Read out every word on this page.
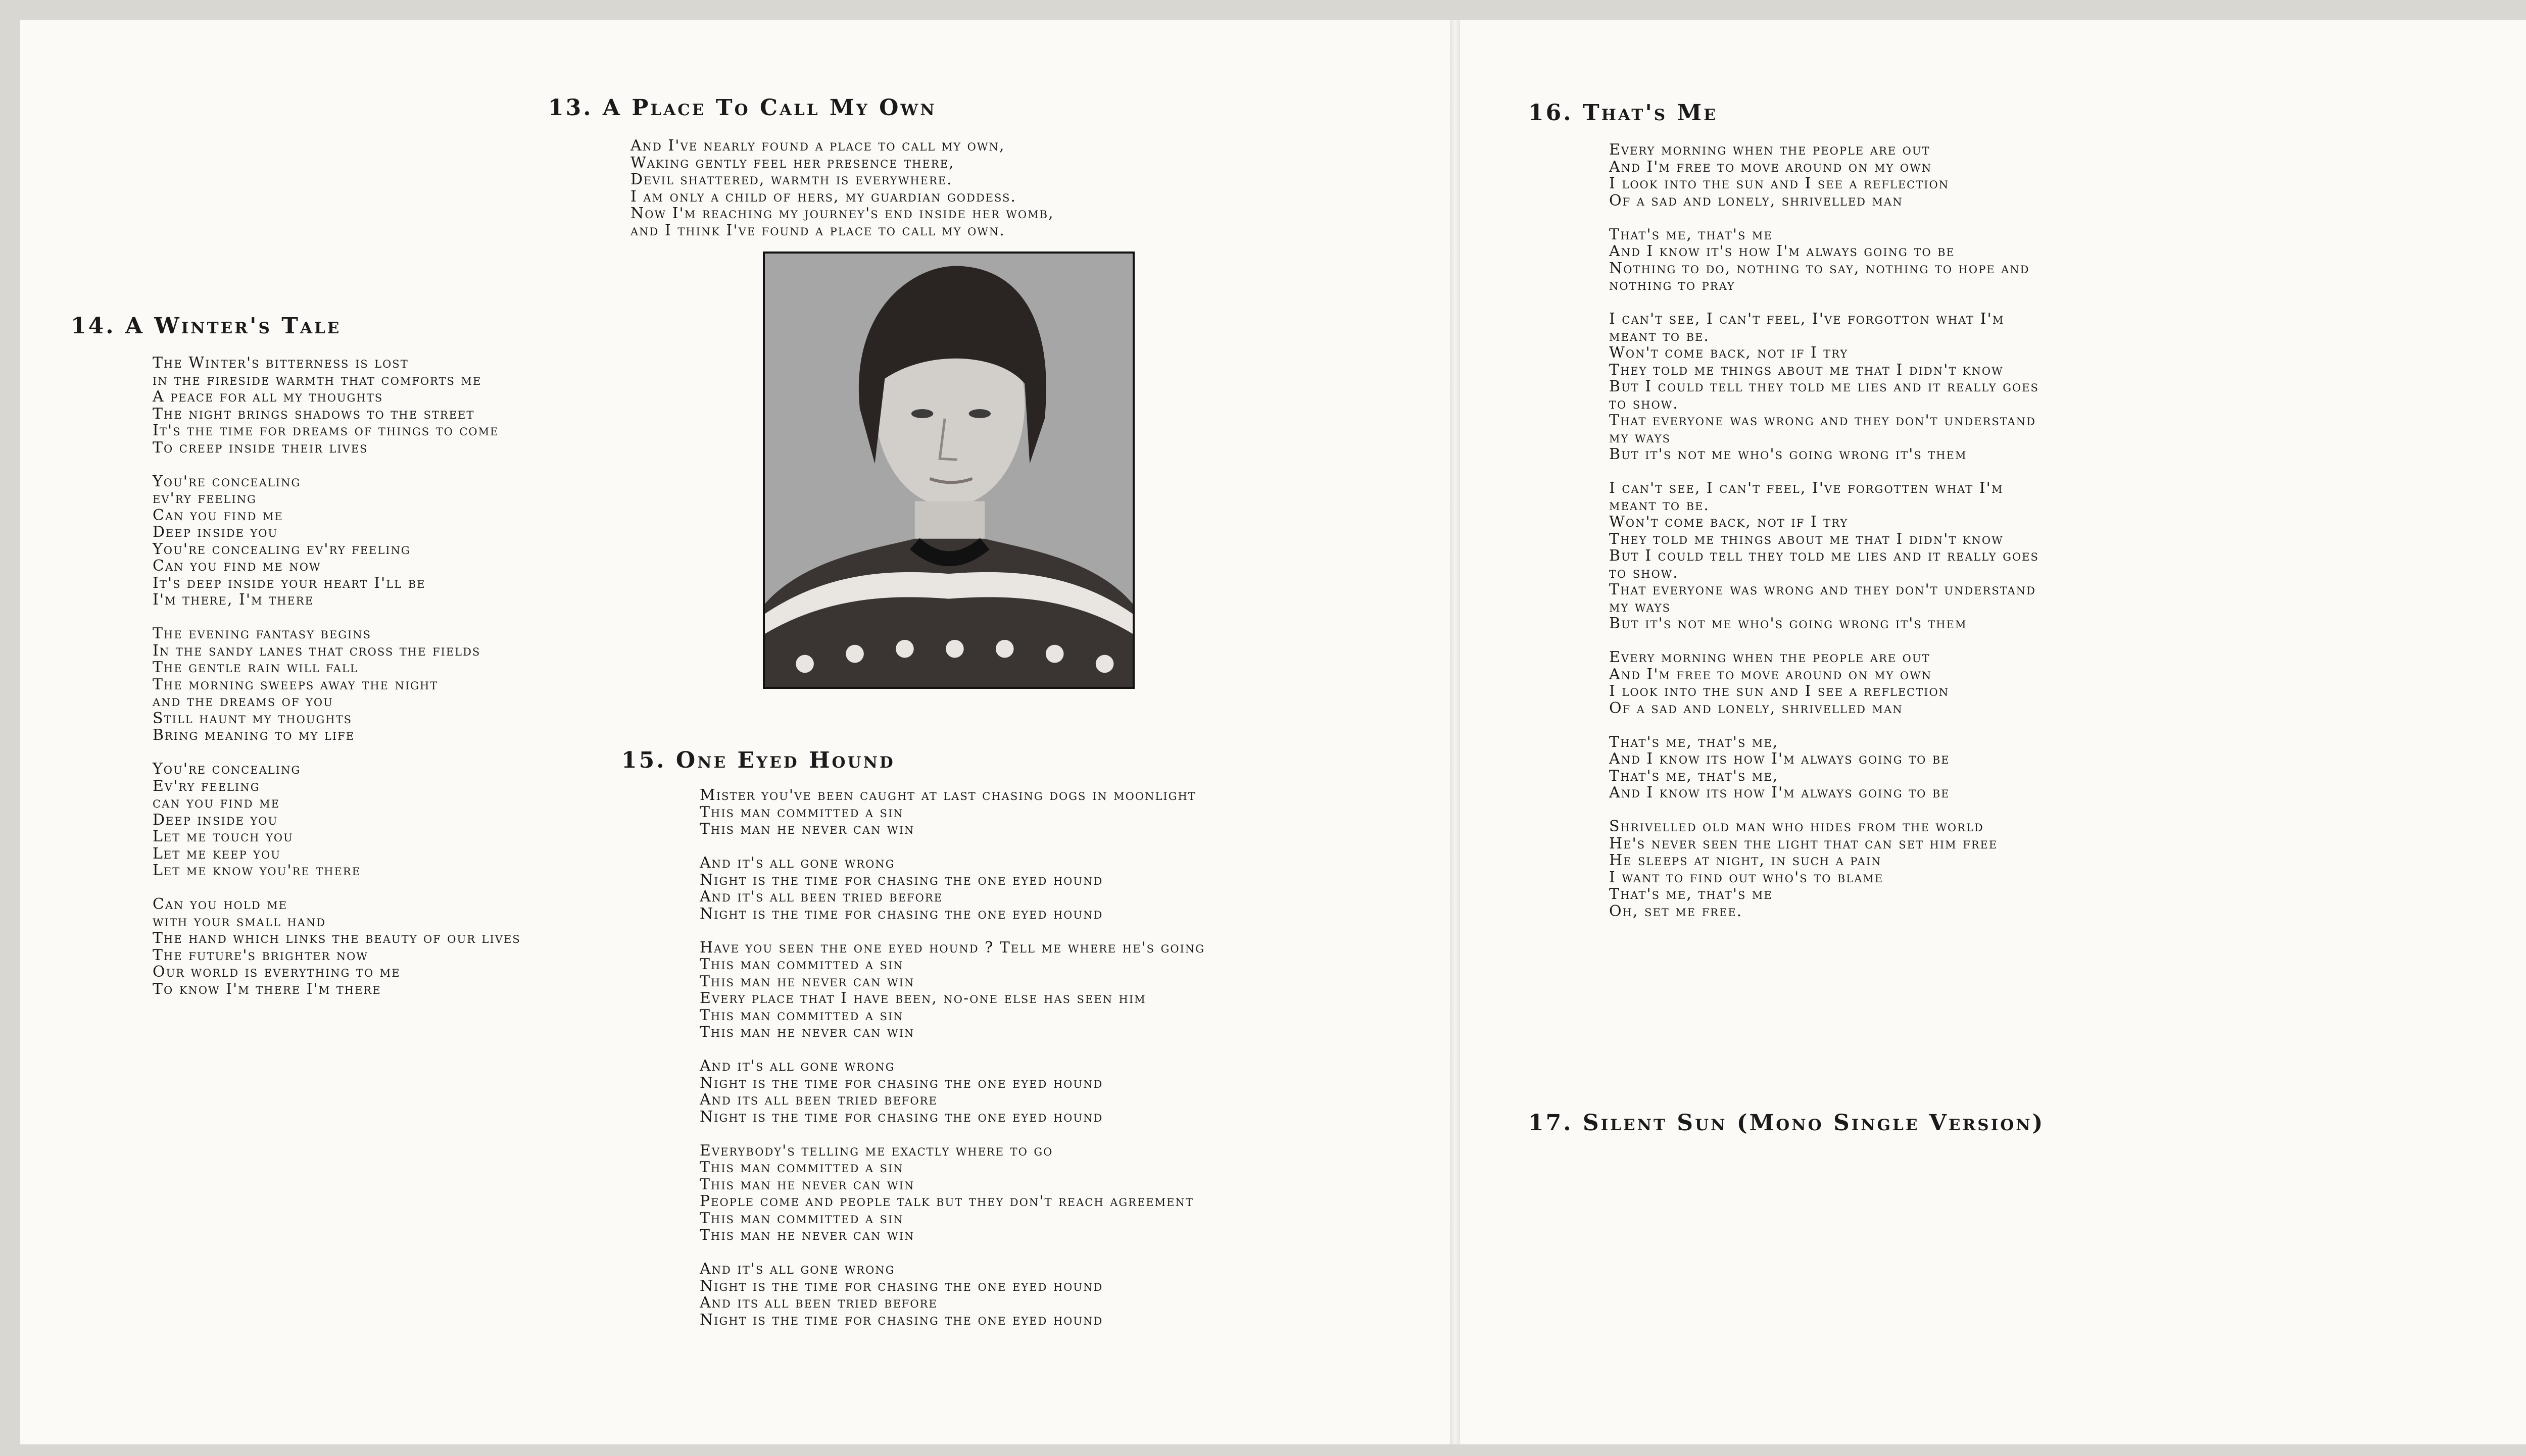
13. A Place To Call My Own

And I've nearly found a place to call my own,
Waking gently feel her presence there,
Devil shattered, warmth is everywhere.
I am only a child of hers, my guardian goddess.
Now I'm reaching my journey's end inside her womb,
and I think I've found a place to call my own.

14. A Winter's Tale

The Winter's bitterness is lost
in the fireside warmth that comforts me
A peace for all my thoughts
The night brings shadows to the street
It's the time for dreams of things to come
To creep inside their lives

You're concealing
ev'ry feeling
Can you find me
Deep inside you
You're concealing ev'ry feeling
Can you find me now
It's deep inside your heart I'll be
I'm there, I'm there

The evening fantasy begins
In the sandy lanes that cross the fields
The gentle rain will fall
The morning sweeps away the night
and the dreams of you
Still haunt my thoughts
Bring meaning to my life

You're concealing
Ev'ry feeling
can you find me
Deep inside you
Let me touch you
Let me keep you
Let me know you're there

Can you hold me
with your small hand
The hand which links the beauty of our lives
The future's brighter now
Our world is everything to me
To know I'm there I'm there

15. One Eyed Hound

Mister you've been caught at last chasing dogs in moonlight
This man committed a sin
This man he never can win

And it's all gone wrong
Night is the time for chasing the one eyed hound
And it's all been tried before
Night is the time for chasing the one eyed hound

Have you seen the one eyed hound ? Tell me where he's going
This man committed a sin
This man he never can win
Every place that I have been, no-one else has seen him
This man committed a sin
This man he never can win

And it's all gone wrong
Night is the time for chasing the one eyed hound
And its all been tried before
Night is the time for chasing the one eyed hound

Everybody's telling me exactly where to go
This man committed a sin
This man he never can win
People come and people talk but they don't reach agreement
This man committed a sin
This man he never can win

And it's all gone wrong
Night is the time for chasing the one eyed hound
And its all been tried before
Night is the time for chasing the one eyed hound

16. That's Me

Every morning when the people are out
And I'm free to move around on my own
I look into the sun and I see a reflection
Of a sad and lonely, shrivelled man

That's me, that's me
And I know it's how I'm always going to be
Nothing to do, nothing to say, nothing to hope and
nothing to pray

I can't see, I can't feel, I've forgotton what I'm
meant to be.
Won't come back, not if I try
They told me things about me that I didn't know
But I could tell they told me lies and it really goes
to show.
That everyone was wrong and they don't understand
my ways
But it's not me who's going wrong it's them

I can't see, I can't feel, I've forgotten what I'm
meant to be.
Won't come back, not if I try
They told me things about me that I didn't know
But I could tell they told me lies and it really goes
to show.
That everyone was wrong and they don't understand
my ways
But it's not me who's going wrong it's them

Every morning when the people are out
And I'm free to move around on my own
I look into the sun and I see a reflection
Of a sad and lonely, shrivelled man

That's me, that's me,
And I know its how I'm always going to be
That's me, that's me,
And I know its how I'm always going to be

Shrivelled old man who hides from the world
He's never seen the light that can set him free
He sleeps at night, in such a pain
I want to find out who's to blame
That's me, that's me
Oh, set me free.

17. Silent Sun (Mono Single Version)
